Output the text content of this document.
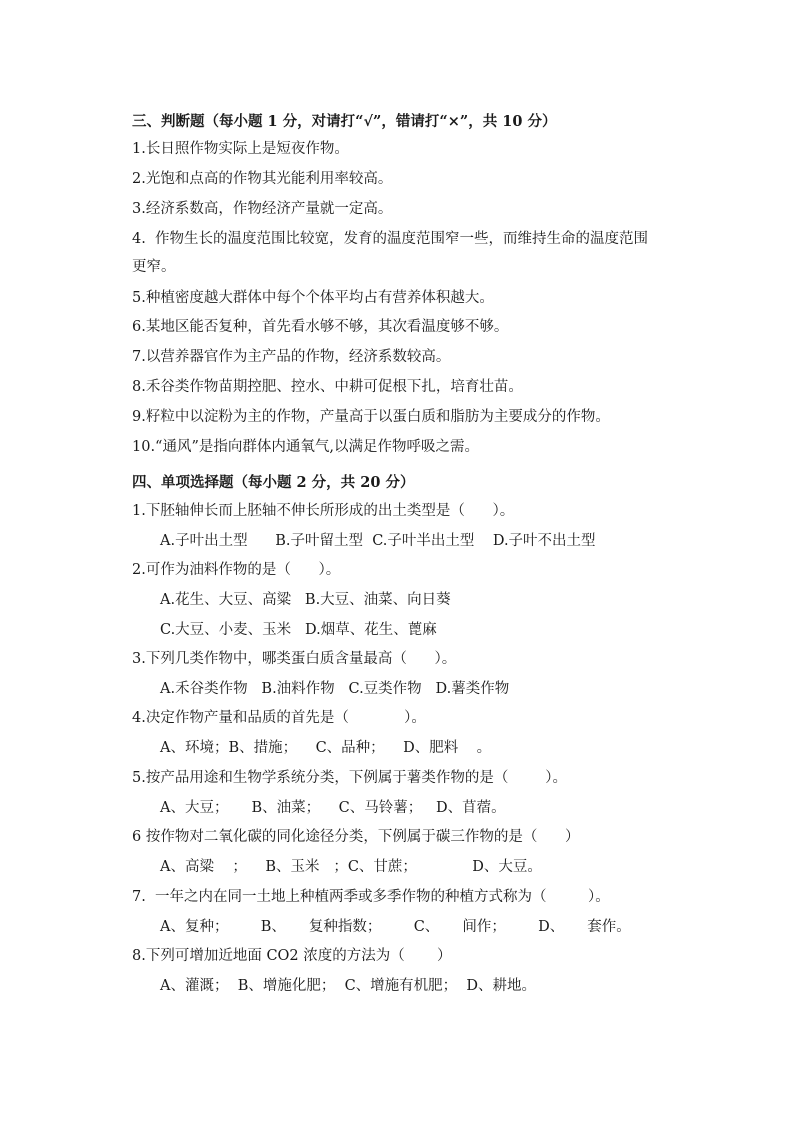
三、判断题（每小题 1 分，对请打“√”，错请打“×”，共 10 分）
1.长日照作物实际上是短夜作物。
2.光饱和点高的作物其光能利用率较高。
3.经济系数高，作物经济产量就一定高。
4.  作物生长的温度范围比较宽，发育的温度范围窄一些，而维持生命的温度范围
更窄。
5.种植密度越大群体中每个个体平均占有营养体积越大。
6.某地区能否复种，首先看水够不够，其次看温度够不够。
7.以营养器官作为主产品的作物，经济系数较高。
8.禾谷类作物苗期控肥、控水、中耕可促根下扎，培育壮苗。
9.籽粒中以淀粉为主的作物，产量高于以蛋白质和脂肪为主要成分的作物。
10.“通风”是指向群体内通氧气,以满足作物呼吸之需。
四、单项选择题（每小题 2 分，共 20 分）
1.下胚轴伸长而上胚轴不伸长所形成的出土类型是（      ）。
A.子叶出土型      B.子叶留土型  C.子叶半出土型    D.子叶不出土型
2.可作为油料作物的是（      ）。
A.花生、大豆、高粱   B.大豆、油菜、向日葵
C.大豆、小麦、玉米   D.烟草、花生、蓖麻
3.下列几类作物中，哪类蛋白质含量最高（      ）。
A.禾谷类作物   B.油料作物   C.豆类作物   D.薯类作物
4.决定作物产量和品质的首先是（            ）。
A、环境；B、措施；    C、品种；    D、肥料    。
5.按产品用途和生物学系统分类，下例属于薯类作物的是（        ）。
A、大豆；     B、油菜；    C、马铃薯；   D、苜蓿。
6 按作物对二氧化碳的同化途径分类，下例属于碳三作物的是（      ）
A、高粱    ；    B、玉米   ；C、甘蔗；            D、大豆。
7.  一年之内在同一土地上种植两季或多季作物的种植方式称为（         ）。
A、复种；       B、     复种指数；       C、     间作；       D、     套作。
8.下列可增加近地面 CO2 浓度的方法为（       ）
A、灌溉；  B、增施化肥；  C、增施有机肥；  D、耕地。
